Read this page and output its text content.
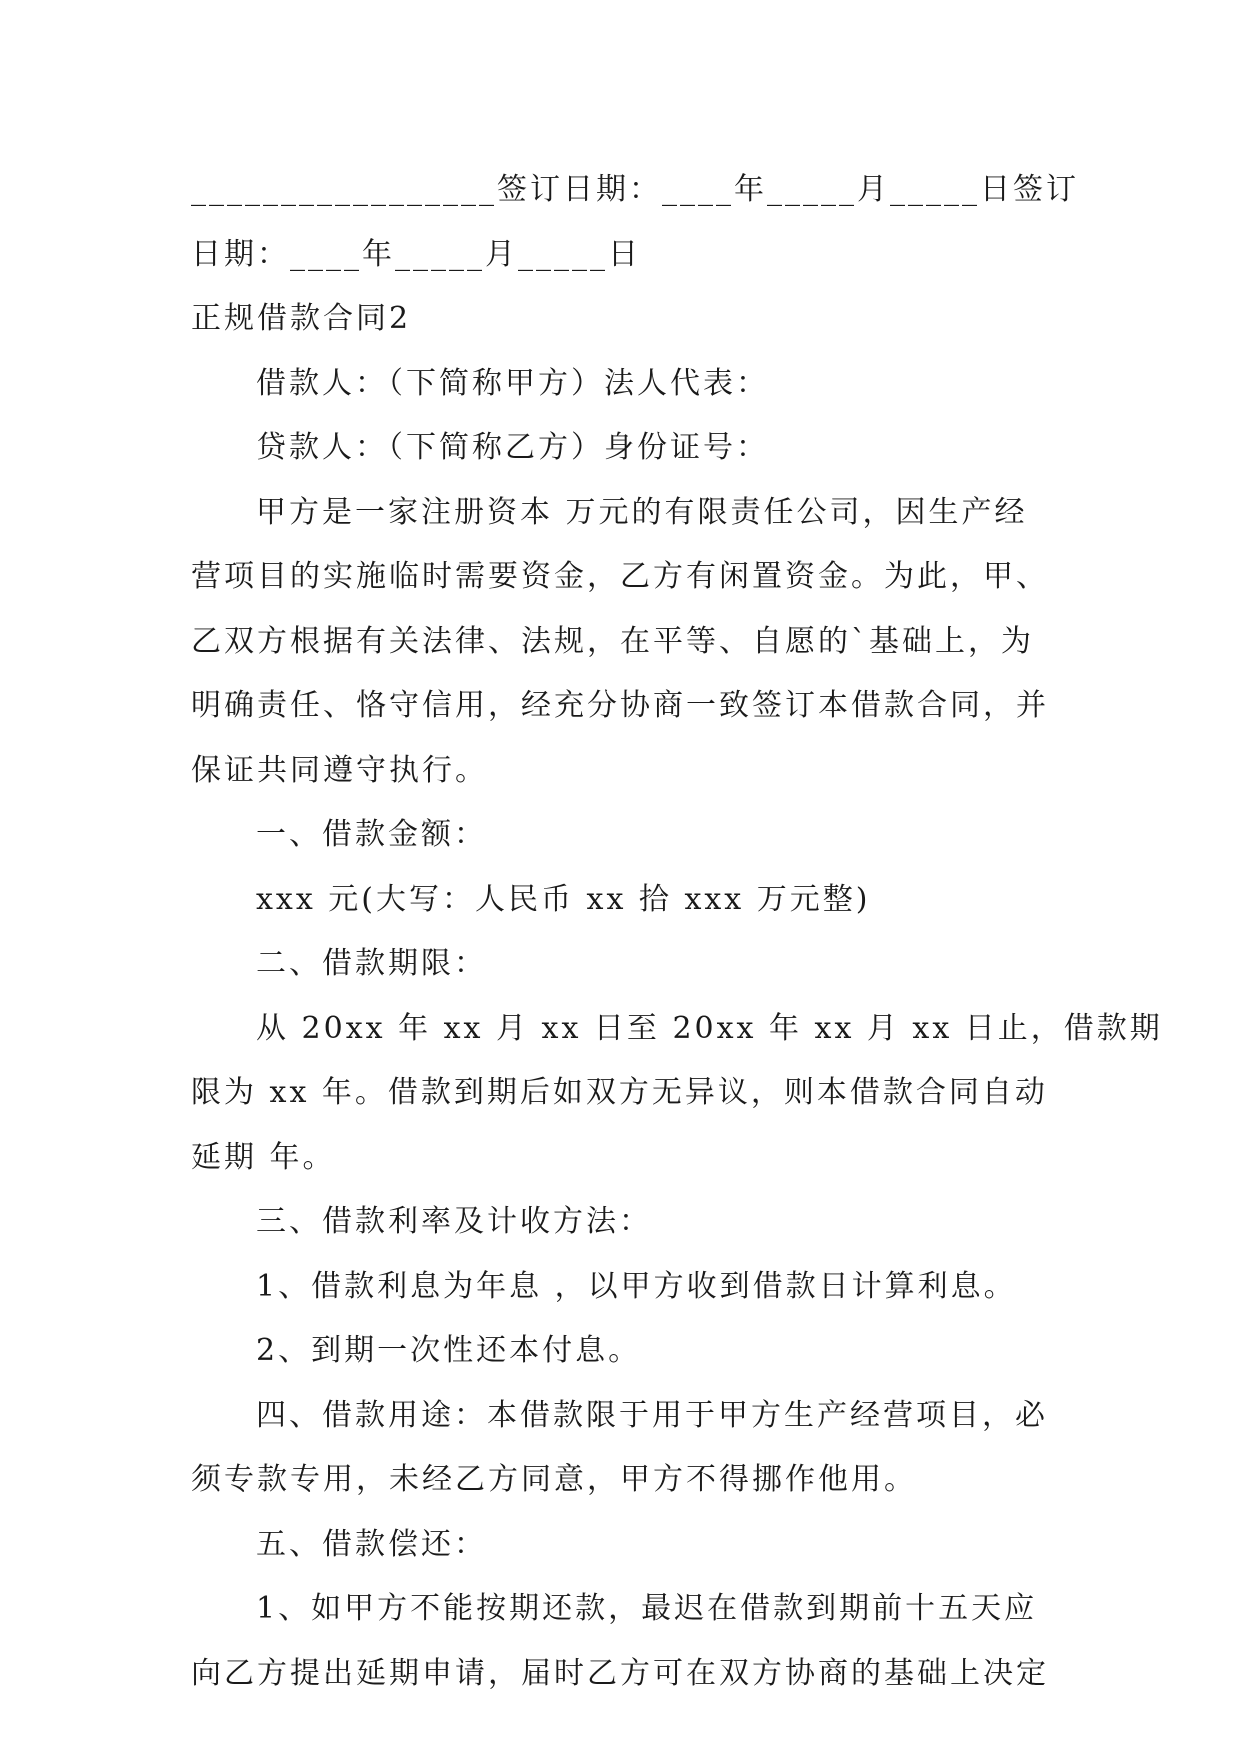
_________________签订日期：____年_____月_____日签订
日期：____年_____月_____日
正规借款合同2
借款人：（下简称甲方）法人代表：
贷款人：（下简称乙方）身份证号：
甲方是一家注册资本 万元的有限责任公司，因生产经
营项目的实施临时需要资金，乙方有闲置资金。为此，甲、
乙双方根据有关法律、法规，在平等、自愿的`基础上，为
明确责任、恪守信用，经充分协商一致签订本借款合同，并
保证共同遵守执行。
一、借款金额：
xxx 元(大写：人民币 xx 拾 xxx 万元整)
二、借款期限：
从 20xx 年 xx 月 xx 日至 20xx 年 xx 月 xx 日止，借款期
限为 xx 年。借款到期后如双方无异议，则本借款合同自动
延期 年。
三、借款利率及计收方法：
1、借款利息为年息 ，以甲方收到借款日计算利息。
2、到期一次性还本付息。
四、借款用途：本借款限于用于甲方生产经营项目，必
须专款专用，未经乙方同意，甲方不得挪作他用。
五、借款偿还：
1、如甲方不能按期还款，最迟在借款到期前十五天应
向乙方提出延期申请，届时乙方可在双方协商的基础上决定
